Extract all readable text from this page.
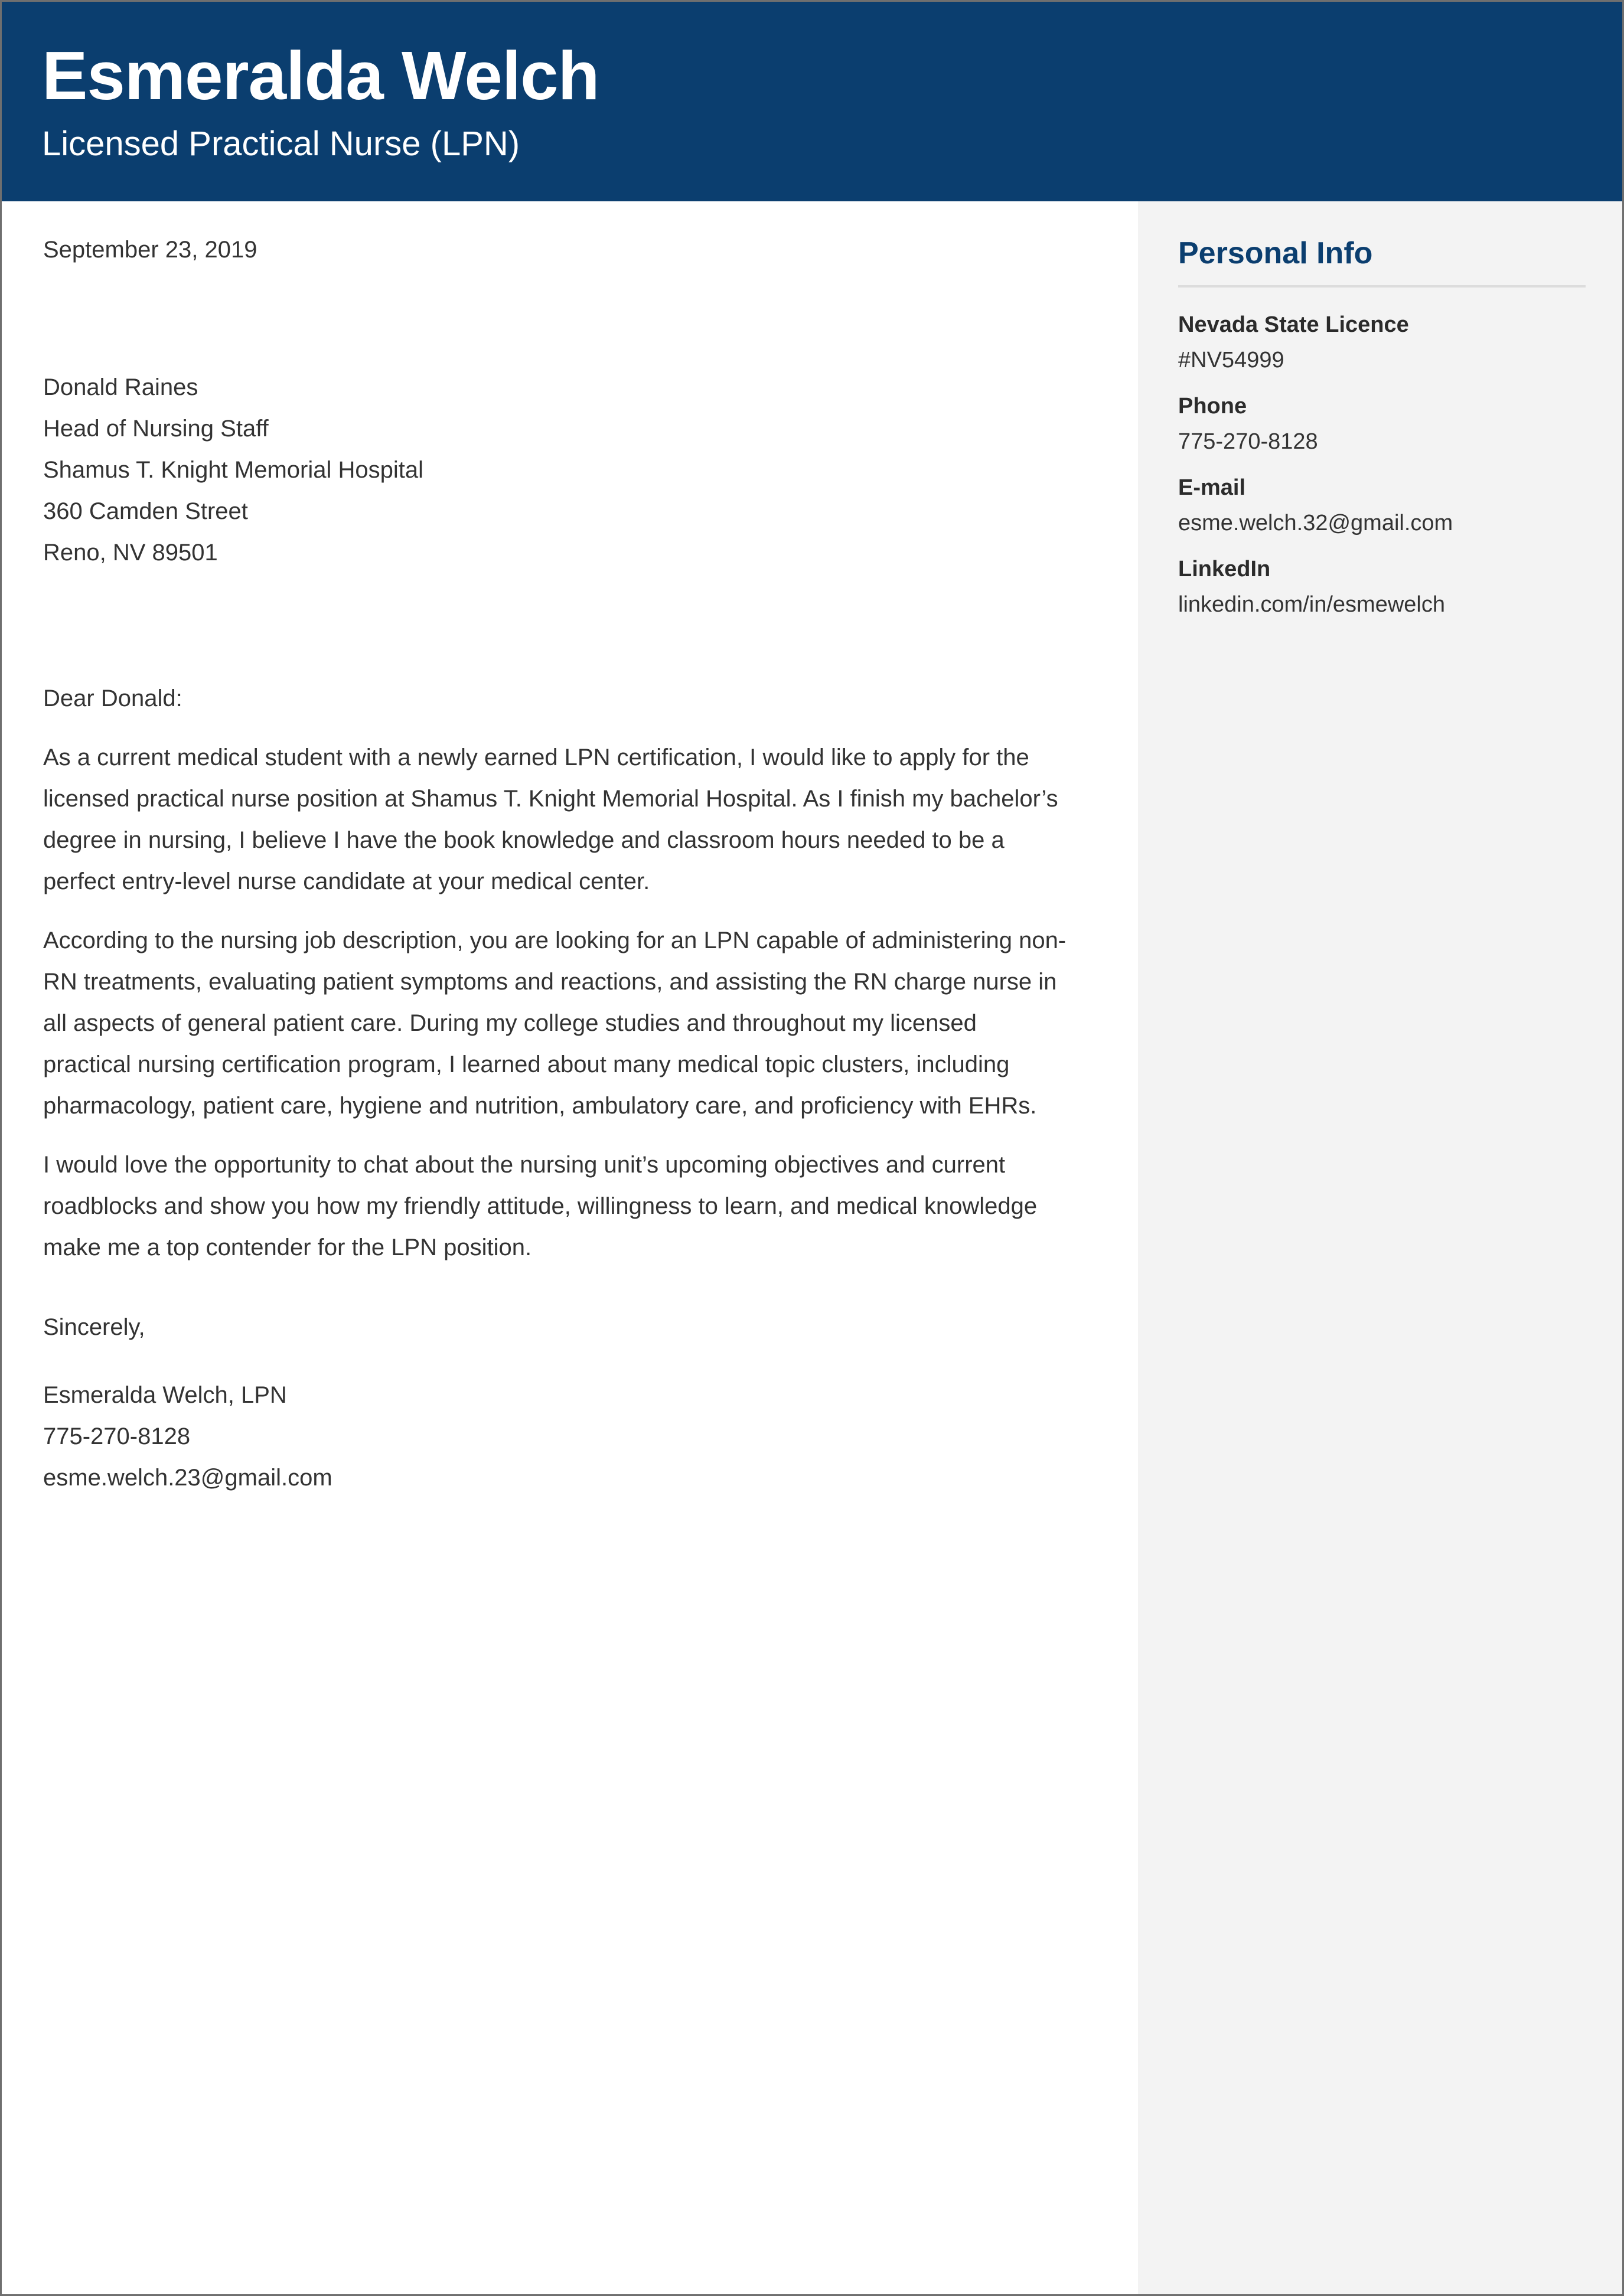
Esmeralda Welch
Licensed Practical Nurse (LPN)
September 23, 2019
Donald Raines
Head of Nursing Staff
Shamus T. Knight Memorial Hospital
360 Camden Street
Reno, NV 89501
Dear Donald:
As a current medical student with a newly earned LPN certification, I would like to apply for the licensed practical nurse position at Shamus T. Knight Memorial Hospital. As I finish my bachelor’s degree in nursing, I believe I have the book knowledge and classroom hours needed to be a perfect entry-level nurse candidate at your medical center.
According to the nursing job description, you are looking for an LPN capable of administering non-RN treatments, evaluating patient symptoms and reactions, and assisting the RN charge nurse in all aspects of general patient care. During my college studies and throughout my licensed practical nursing certification program, I learned about many medical topic clusters, including pharmacology, patient care, hygiene and nutrition, ambulatory care, and proficiency with EHRs.
I would love the opportunity to chat about the nursing unit’s upcoming objectives and current roadblocks and show you how my friendly attitude, willingness to learn, and medical knowledge make me a top contender for the LPN position.
Sincerely,
Esmeralda Welch, LPN
775-270-8128
esme.welch.23@gmail.com
Personal Info
Nevada State Licence
#NV54999
Phone
775-270-8128
E-mail
esme.welch.32@gmail.com
LinkedIn
linkedin.com/in/esmewelch
